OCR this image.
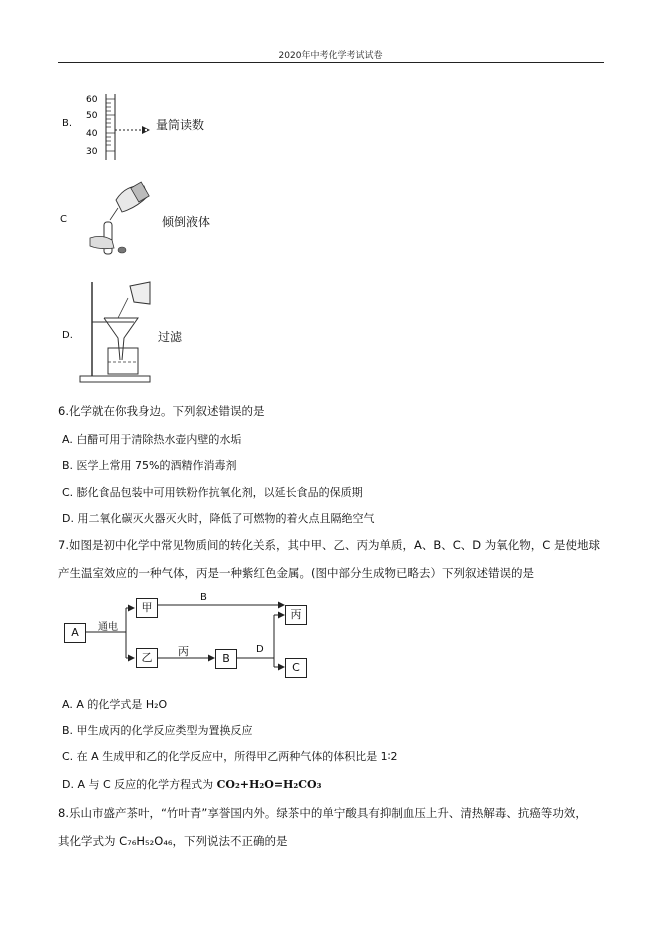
2020年中考化学考试试卷
B.
60
50
40
30
量筒读数
C	倾倒液体
D.	过滤
6.化学就在你我身边。下列叙述错误的是
A. 白醋可用于清除热水壶内壁的水垢
B. 医学上常用 75%的酒精作消毒剂
C. 膨化食品包装中可用铁粉作抗氧化剂，以延长食品的保质期
D. 用二氧化碳灭火器灭火时，降低了可燃物的着火点且隔绝空气
7.如图是初中化学中常见物质间的转化关系，其中甲、乙、丙为单质，A、B、C、D 为氧化物，C 是使地球
产生温室效应的一种气体，丙是一种紫红色金属。(图中部分生成物已略去）下列叙述错误的是
A
甲
乙	B
丙
C
通电
B
丙	D
A. A 的化学式是 H₂O
B. 甲生成丙的化学反应类型为置换反应
C. 在 A 生成甲和乙的化学反应中，所得甲乙两种气体的体积比是 1∶2
D. A 与 C 反应的化学方程式为 CO₂+H₂O=H₂CO₃
8.乐山市盛产茶叶，“竹叶青”享誉国内外。绿茶中的单宁酸具有抑制血压上升、清热解毒、抗癌等功效，
其化学式为 C₇₆H₅₂O₄₆，下列说法不正确的是
